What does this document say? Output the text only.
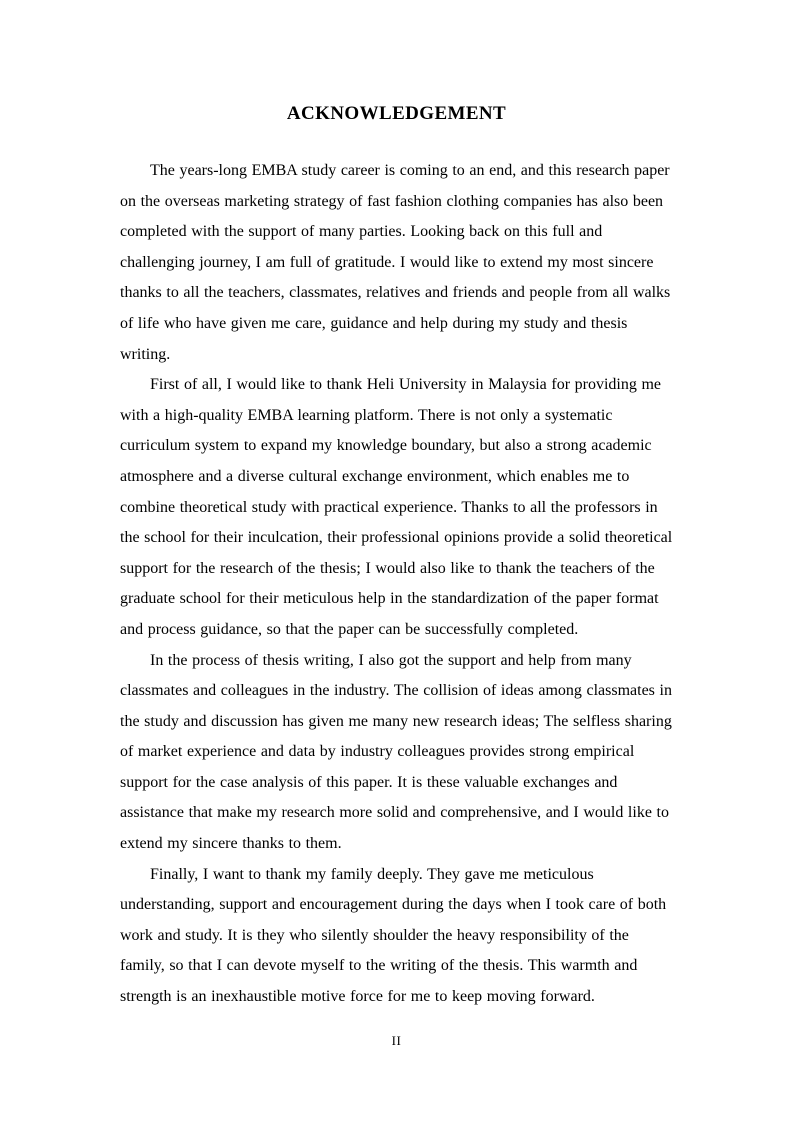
ACKNOWLEDGEMENT

The years-long EMBA study career is coming to an end, and this research paper on the overseas marketing strategy of fast fashion clothing companies has also been completed with the support of many parties. Looking back on this full and challenging journey, I am full of gratitude. I would like to extend my most sincere thanks to all the teachers, classmates, relatives and friends and people from all walks of life who have given me care, guidance and help during my study and thesis writing.

First of all, I would like to thank Heli University in Malaysia for providing me with a high-quality EMBA learning platform. There is not only a systematic curriculum system to expand my knowledge boundary, but also a strong academic atmosphere and a diverse cultural exchange environment, which enables me to combine theoretical study with practical experience. Thanks to all the professors in the school for their inculcation, their professional opinions provide a solid theoretical support for the research of the thesis; I would also like to thank the teachers of the graduate school for their meticulous help in the standardization of the paper format and process guidance, so that the paper can be successfully completed.

In the process of thesis writing, I also got the support and help from many classmates and colleagues in the industry. The collision of ideas among classmates in the study and discussion has given me many new research ideas; The selfless sharing of market experience and data by industry colleagues provides strong empirical support for the case analysis of this paper. It is these valuable exchanges and assistance that make my research more solid and comprehensive, and I would like to extend my sincere thanks to them.

Finally, I want to thank my family deeply. They gave me meticulous understanding, support and encouragement during the days when I took care of both work and study. It is they who silently shoulder the heavy responsibility of the family, so that I can devote myself to the writing of the thesis. This warmth and strength is an inexhaustible motive force for me to keep moving forward.

II
